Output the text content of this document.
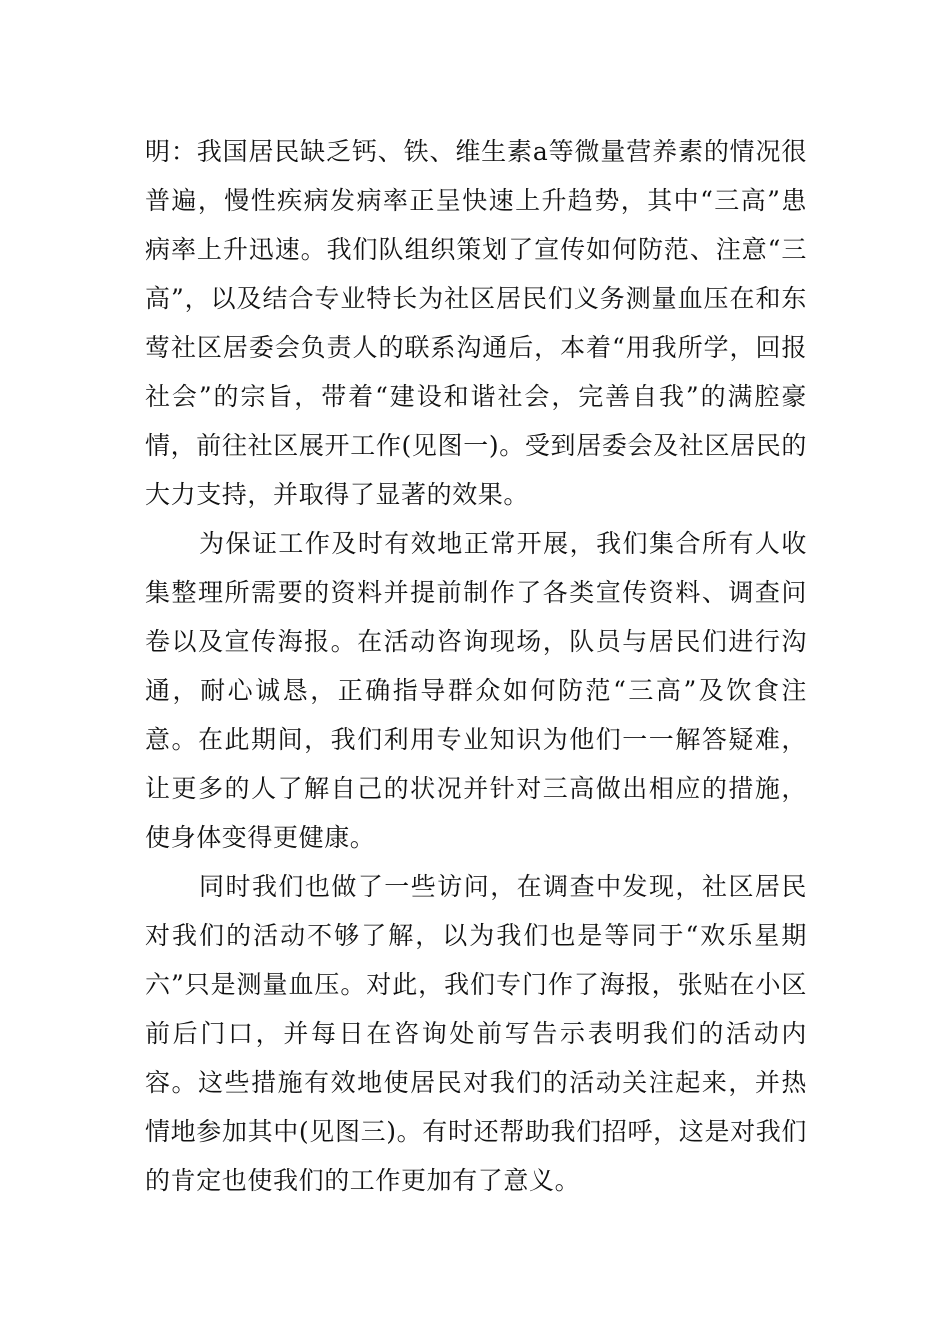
明：我国居民缺乏钙、铁、维生素a等微量营养素的情况很普遍，慢性疾病发病率正呈快速上升趋势，其中“三高”患病率上升迅速。我们队组织策划了宣传如何防范、注意“三高”，以及结合专业特长为社区居民们义务测量血压在和东莺社区居委会负责人的联系沟通后，本着“用我所学，回报社会”的宗旨，带着“建设和谐社会，完善自我”的满腔豪情，前往社区展开工作(见图一)。受到居委会及社区居民的大力支持，并取得了显著的效果。

为保证工作及时有效地正常开展，我们集合所有人收集整理所需要的资料并提前制作了各类宣传资料、调查问卷以及宣传海报。在活动咨询现场，队员与居民们进行沟通，耐心诚恳，正确指导群众如何防范“三高”及饮食注意。在此期间，我们利用专业知识为他们一一解答疑难，让更多的人了解自己的状况并针对三高做出相应的措施，使身体变得更健康。

同时我们也做了一些访问，在调查中发现，社区居民对我们的活动不够了解，以为我们也是等同于“欢乐星期六”只是测量血压。对此，我们专门作了海报，张贴在小区前后门口，并每日在咨询处前写告示表明我们的活动内容。这些措施有效地使居民对我们的活动关注起来，并热情地参加其中(见图三)。有时还帮助我们招呼，这是对我们的肯定也使我们的工作更加有了意义。
